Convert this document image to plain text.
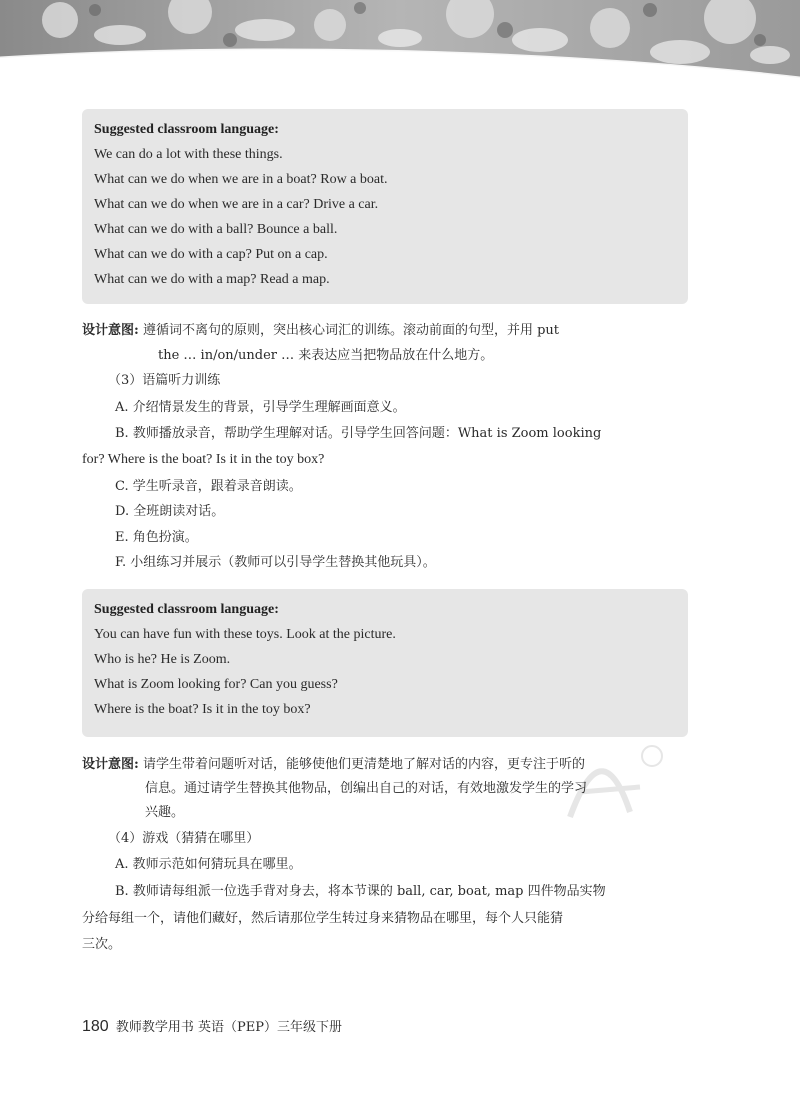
Suggested classroom language:
We can do a lot with these things.
What can we do when we are in a boat? Row a boat.
What can we do when we are in a car? Drive a car.
What can we do with a ball? Bounce a ball.
What can we do with a cap? Put on a cap.
What can we do with a map? Read a map.
设计意图: 遵循词不离句的原则，突出核心词汇的训练。滚动前面的句型，并用 put
the … in/on/under … 来表达应当把物品放在什么地方。
（3）语篇听力训练
A. 介绍情景发生的背景，引导学生理解画面意义。
B. 教师播放录音，帮助学生理解对话。引导学生回答问题：What is Zoom looking
for? Where is the boat? Is it in the toy box?
C. 学生听录音，跟着录音朗读。
D. 全班朗读对话。
E. 角色扮演。
F. 小组练习并展示（教师可以引导学生替换其他玩具）。
Suggested classroom language:
You can have fun with these toys. Look at the picture.
Who is he? He is Zoom.
What is Zoom looking for? Can you guess?
Where is the boat? Is it in the toy box?
设计意图: 请学生带着问题听对话，能够使他们更清楚地了解对话的内容，更专注于听的
信息。通过请学生替换其他物品，创编出自己的对话，有效地激发学生的学习
兴趣。
（4）游戏（猜猜在哪里）
A. 教师示范如何猜玩具在哪里。
B. 教师请每组派一位选手背对身去，将本节课的 ball, car, boat, map 四件物品实物
分给每组一个，请他们藏好，然后请那位学生转过身来猜物品在哪里，每个人只能猜
三次。
180 教师教学用书 英语（PEP）三年级下册
